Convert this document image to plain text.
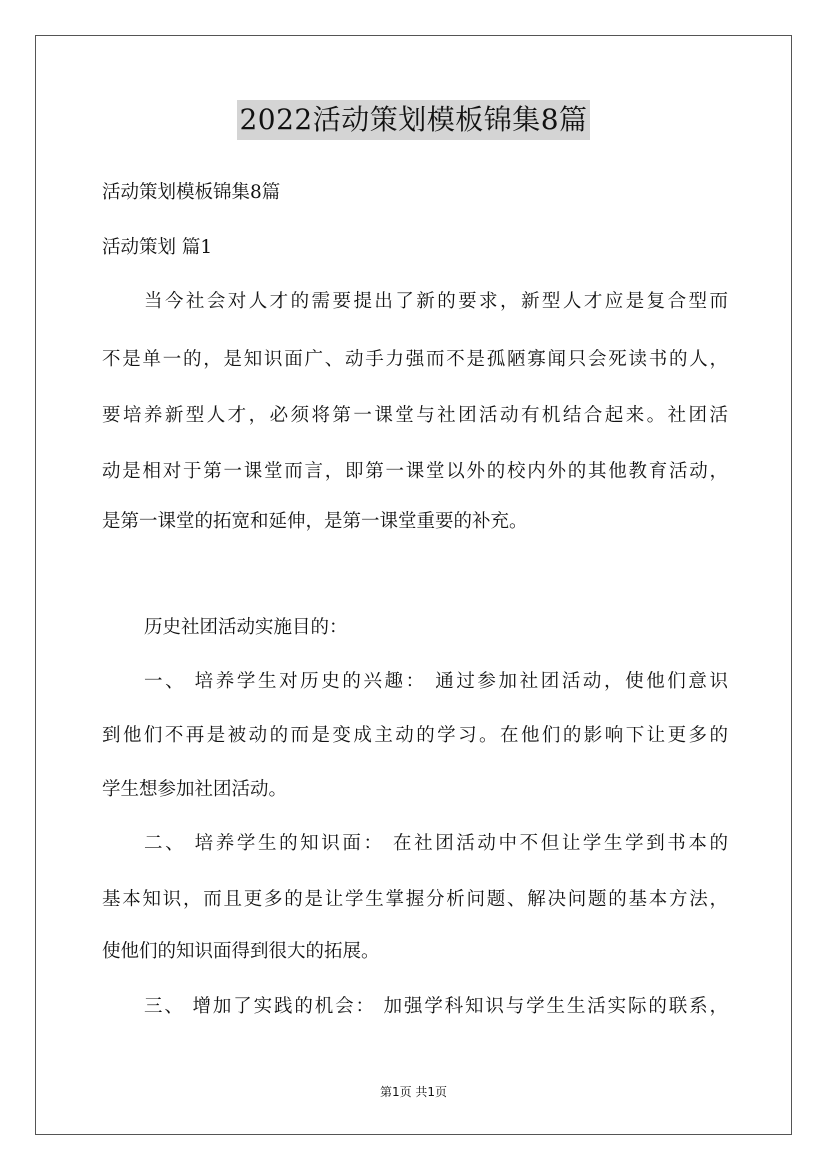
2022活动策划模板锦集8篇
活动策划模板锦集8篇
活动策划 篇1
当今社会对人才的需要提出了新的要求，新型人才应是复合型而
不是单一的，是知识面广、动手力强而不是孤陋寡闻只会死读书的人，
要培养新型人才，必须将第一课堂与社团活动有机结合起来。社团活
动是相对于第一课堂而言，即第一课堂以外的校内外的其他教育活动，
是第一课堂的拓宽和延伸，是第一课堂重要的补充。
历史社团活动实施目的：
一、 培养学生对历史的兴趣： 通过参加社团活动，使他们意识
到他们不再是被动的而是变成主动的学习。在他们的影响下让更多的
学生想参加社团活动。
二、 培养学生的知识面： 在社团活动中不但让学生学到书本的
基本知识，而且更多的是让学生掌握分析问题、解决问题的基本方法，
使他们的知识面得到很大的拓展。
三、 增加了实践的机会： 加强学科知识与学生生活实际的联系，
第1页 共1页
